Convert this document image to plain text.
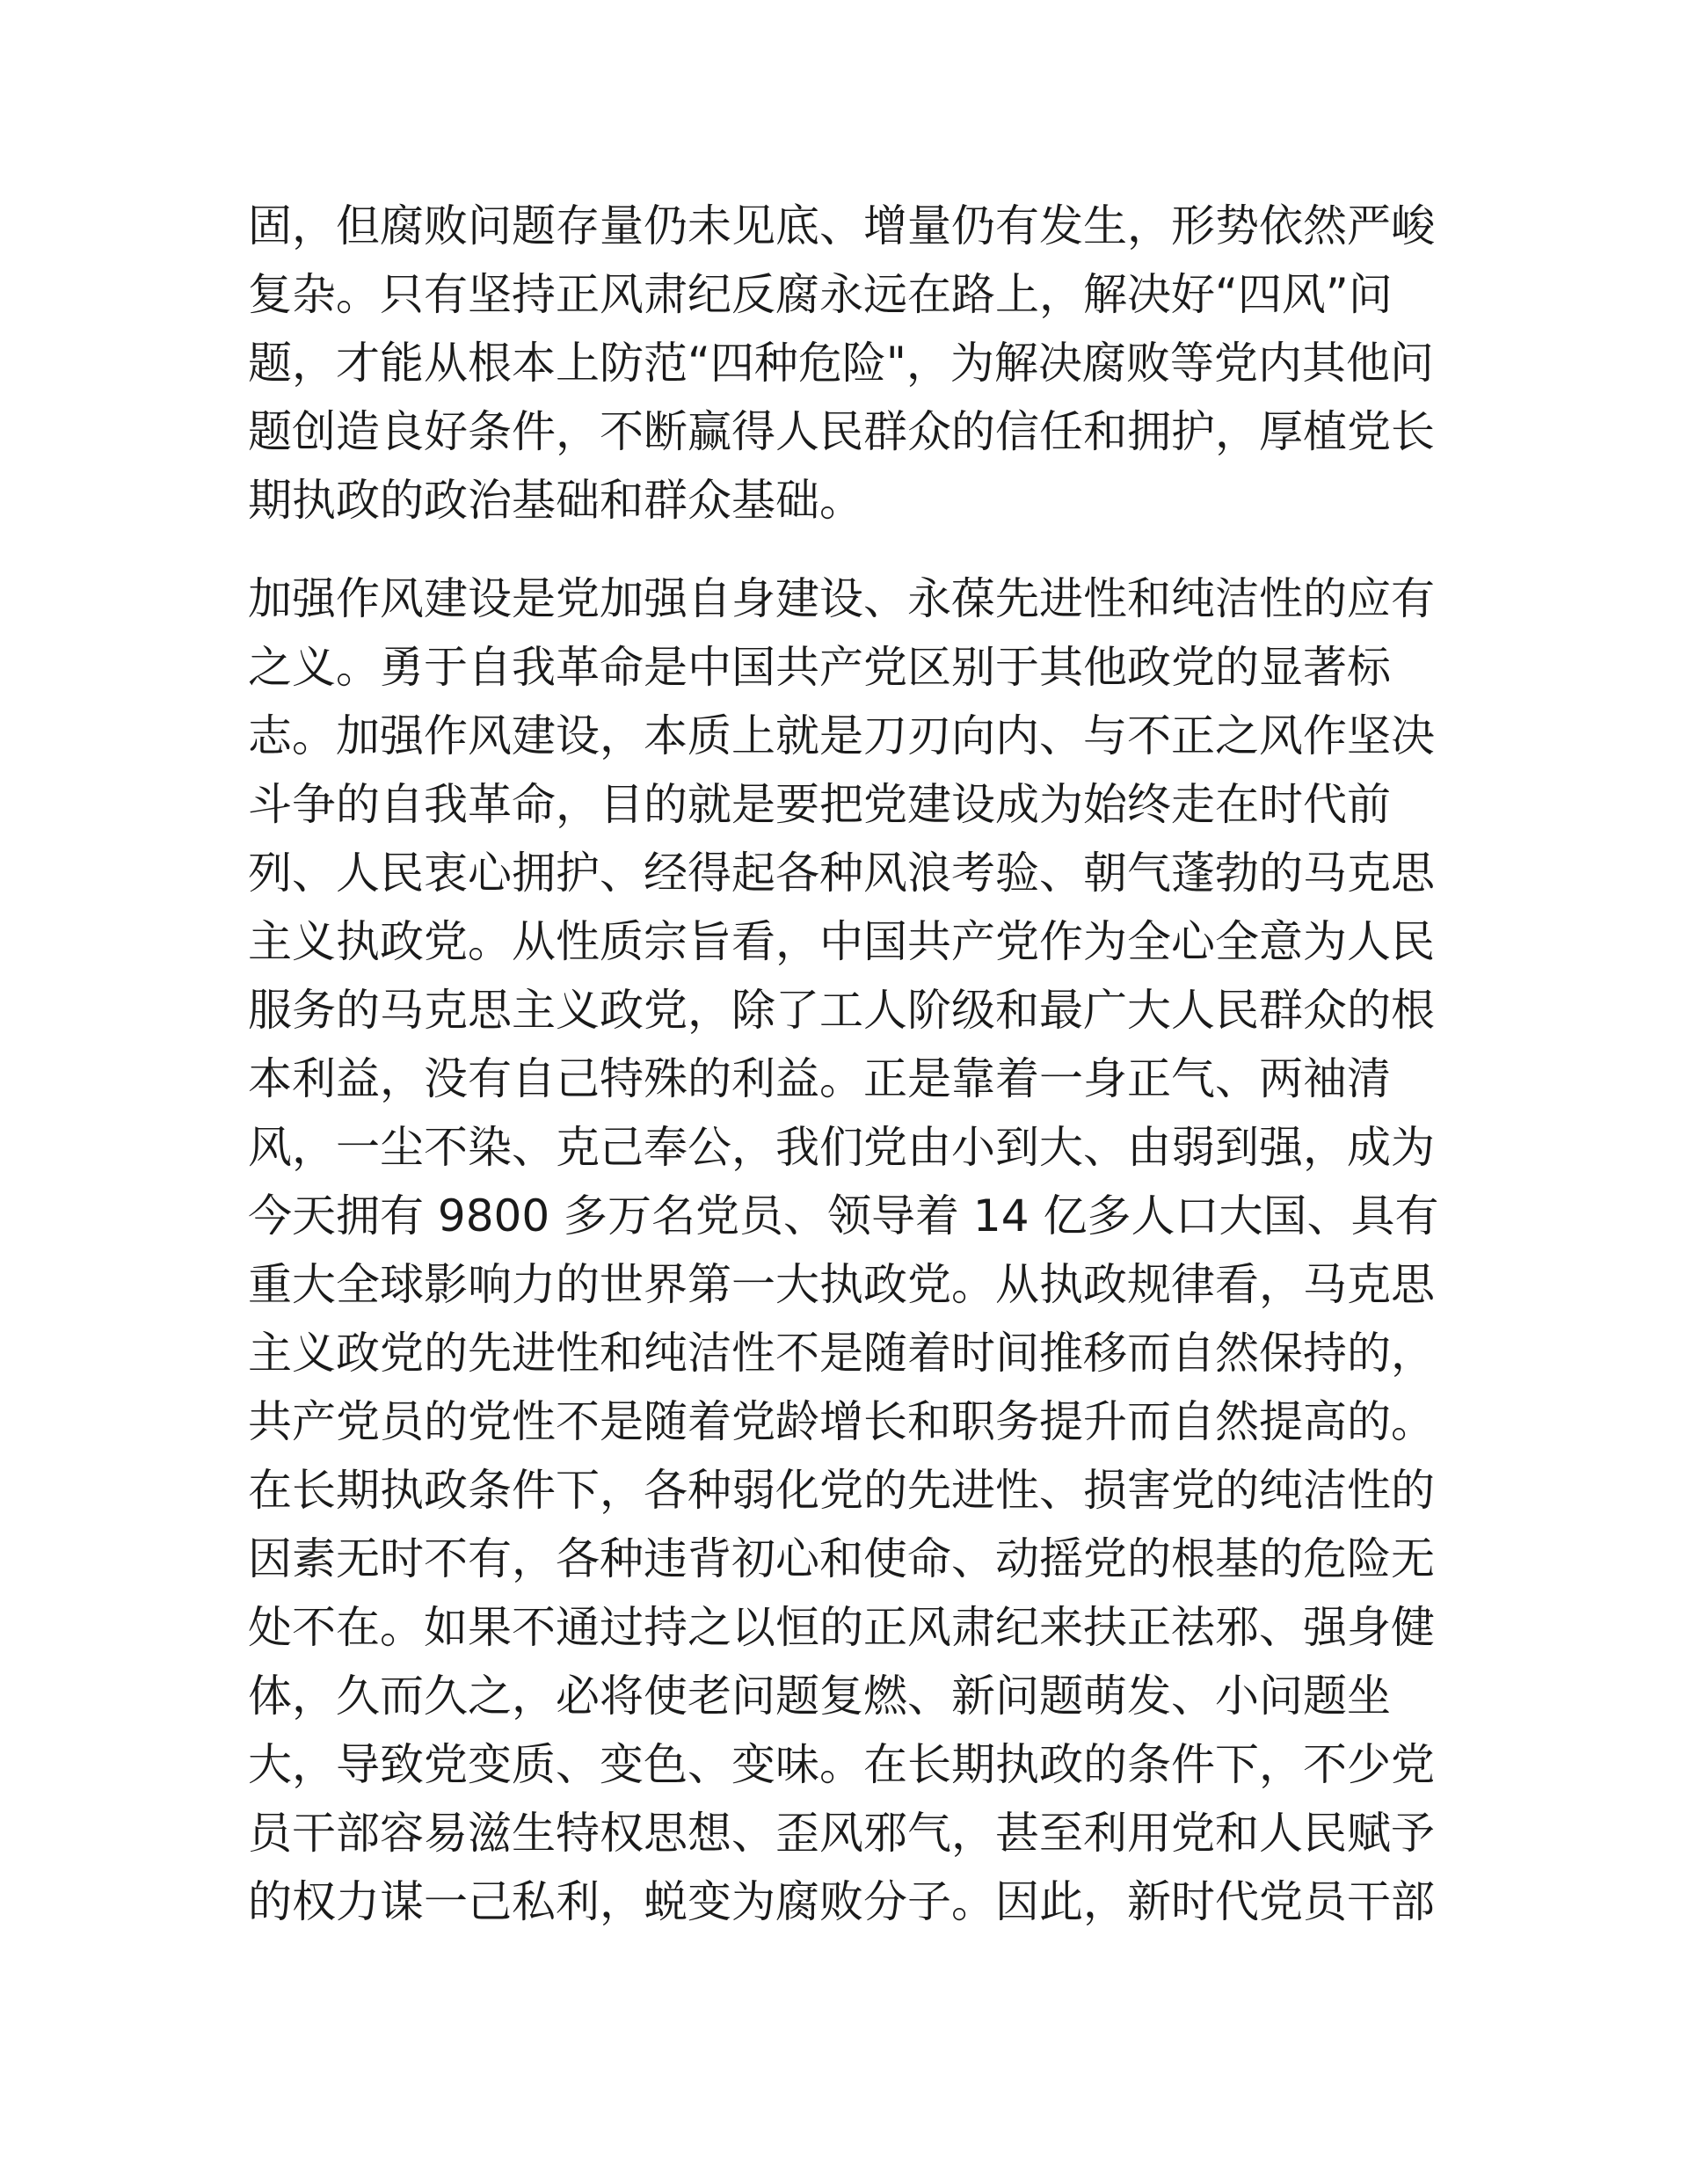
固，但腐败问题存量仍未见底、增量仍有发生，形势依然严峻
复杂。只有坚持正风肃纪反腐永远在路上，解决好“四风”问
题，才能从根本上防范“四种危险"，为解决腐败等党内其他问
题创造良好条件，不断赢得人民群众的信任和拥护，厚植党长
期执政的政治基础和群众基础。
加强作风建设是党加强自身建设、永葆先进性和纯洁性的应有
之义。勇于自我革命是中国共产党区别于其他政党的显著标
志。加强作风建设，本质上就是刀刃向内、与不正之风作坚决
斗争的自我革命，目的就是要把党建设成为始终走在时代前
列、人民衷心拥护、经得起各种风浪考验、朝气蓬勃的马克思
主义执政党。从性质宗旨看，中国共产党作为全心全意为人民
服务的马克思主义政党，除了工人阶级和最广大人民群众的根
本利益，没有自己特殊的利益。正是靠着一身正气、两袖清
风，一尘不染、克己奉公，我们党由小到大、由弱到强，成为
今天拥有 9800 多万名党员、领导着 14 亿多人口大国、具有
重大全球影响力的世界第一大执政党。从执政规律看，马克思
主义政党的先进性和纯洁性不是随着时间推移而自然保持的，
共产党员的党性不是随着党龄增长和职务提升而自然提高的。
在长期执政条件下，各种弱化党的先进性、损害党的纯洁性的
因素无时不有，各种违背初心和使命、动摇党的根基的危险无
处不在。如果不通过持之以恒的正风肃纪来扶正祛邪、强身健
体，久而久之，必将使老问题复燃、新问题萌发、小问题坐
大，导致党变质、变色、变味。在长期执政的条件下，不少党
员干部容易滋生特权思想、歪风邪气，甚至利用党和人民赋予
的权力谋一己私利，蜕变为腐败分子。因此，新时代党员干部
